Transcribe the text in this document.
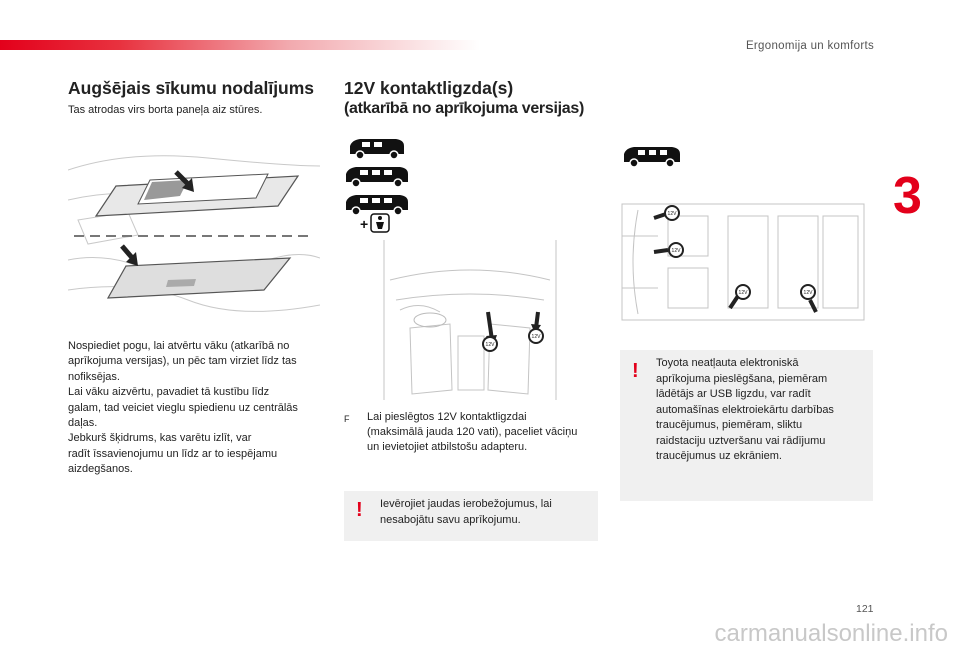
Ergonomija un komforts
3
Augšējais sīkumu nodalījums
Tas atrodas virs borta paneļa aiz stūres.

Nospiediet pogu, lai atvērtu vāku (atkarībā no

aprīkojuma versijas), un pēc tam virziet līdz tas

nofiksējas.

Lai vāku aizvērtu, pavadiet tā kustību līdz

galam, tad veiciet vieglu spiedienu uz centrālās

daļas.

Jebkurš šķidrums, kas varētu izlīt, var

radīt īssavienojumu un līdz ar to iespējamu

aizdegšanos.

12V kontaktligzda(s)
(atkarībā no aprīkojuma versijas)
+
12V
12V
F	Lai pieslēgtos 12V kontaktligzdai
(maksimālā jauda 120 vati), paceliet vāciņu
un ievietojiet atbilstošu adapteru.
! Ievērojiet jaudas ierobežojumus, lai
nesabojātu savu aprīkojumu.
12V
12V
12V	12V
! Toyota neatļauta elektroniskā
aprīkojuma pieslēgšana, piemēram
lādētājs ar USB ligzdu, var radīt
automašīnas elektroiekārtu darbības
traucējumus, piemēram, sliktu
raidstaciju uztveršanu vai rādījumu
traucējumus uz ekrāniem.
121
carmanualsonline.info
